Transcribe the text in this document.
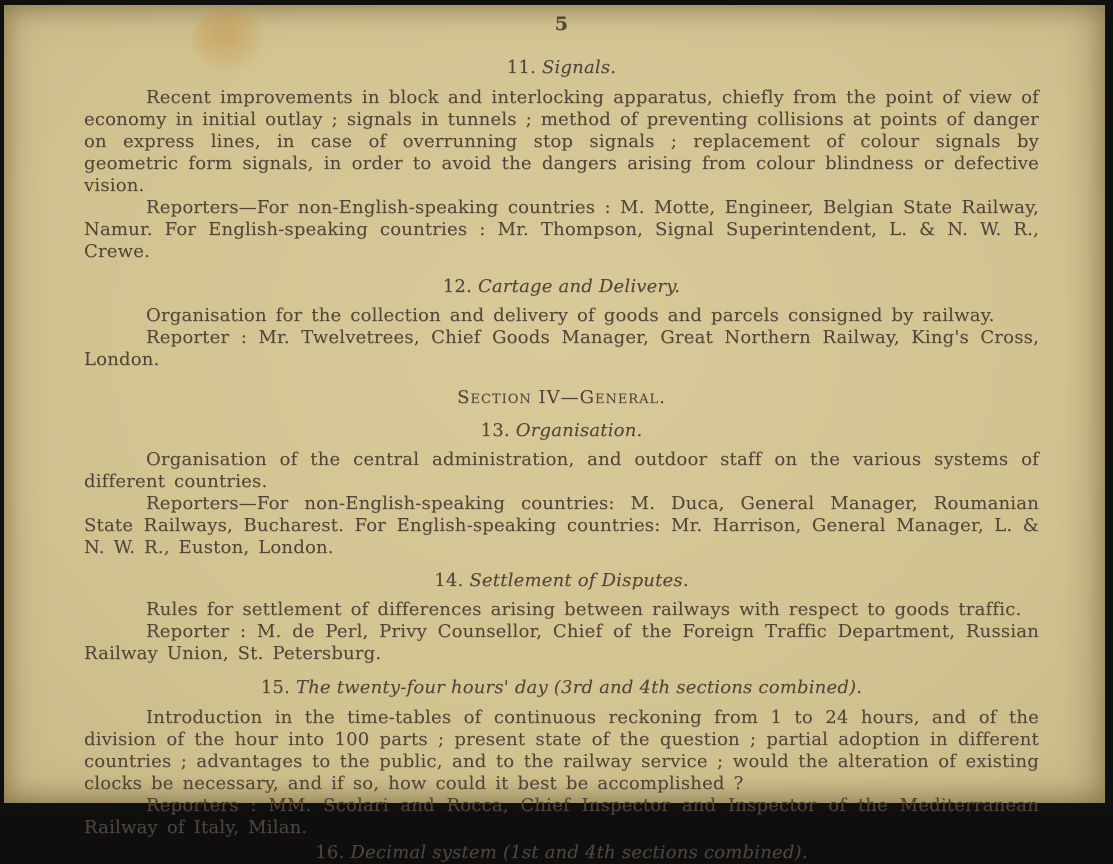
5
11. Signals.

Recent improvements in block and interlocking apparatus, chiefly from the point of view of economy in initial outlay ; signals in tunnels ; method of preventing collisions at points of danger on express lines, in case of overrunning stop signals ; replacement of colour signals by geometric form signals, in order to avoid the dangers arising from colour blindness or defective vision.

Reporters—For non-English-speaking countries : M. Motte, Engineer, Belgian State Railway, Namur. For English-speaking countries : Mr. Thompson, Signal Superintendent, L. & N. W. R., Crewe.

12. Cartage and Delivery.

Organisation for the collection and delivery of goods and parcels consigned by railway.

Reporter : Mr. Twelvetrees, Chief Goods Manager, Great Northern Railway, King's Cross, London.

Section IV—General.
13. Organisation.

Organisation of the central administration, and outdoor staff on the various systems of different countries.

Reporters—For non-English-speaking countries: M. Duca, General Manager, Roumanian State Railways, Bucharest. For English-speaking countries: Mr. Harrison, General Manager, L. & N. W. R., Euston, London.

14. Settlement of Disputes.

Rules for settlement of differences arising between railways with respect to goods traffic.

Reporter : M. de Perl, Privy Counsellor, Chief of the Foreign Traffic Department, Russian Railway Union, St. Petersburg.

15. The twenty-four hours' day (3rd and 4th sections combined).

Introduction in the time-tables of continuous reckoning from 1 to 24 hours, and of the division of the hour into 100 parts ; present state of the question ; partial adoption in different countries ; advantages to the public, and to the railway service ; would the alteration of existing clocks be necessary, and if so, how could it best be accomplished ?

Reporters : MM. Scolari and Rocca, Chief Inspector and Inspector of the Mediterranean Railway of Italy, Milan.

16. Decimal system (1st and 4th sections combined).
